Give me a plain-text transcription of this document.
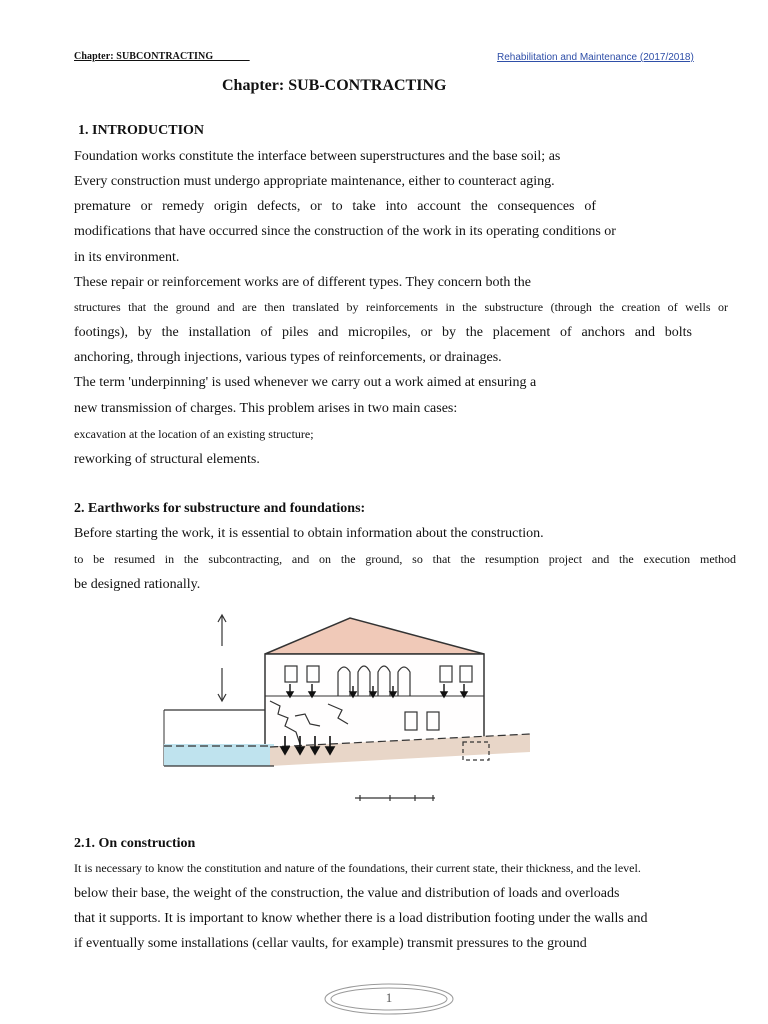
Chapter: SUBCONTRACTING	Rehabilitation and Maintenance (2017/2018)
Chapter: SUB-CONTRACTING
1. INTRODUCTION
Foundation works constitute the interface between superstructures and the base soil; as
Every construction must undergo appropriate maintenance, either to counteract aging.
premature or remedy origin defects, or to take into account the consequences of
modifications that have occurred since the construction of the work in its operating conditions or
in its environment.
These repair or reinforcement works are of different types. They concern both the
structures that the ground and are then translated by reinforcements in the substructure (through the creation of wells or
footings), by the installation of piles and micropiles, or by the placement of anchors and bolts
anchoring, through injections, various types of reinforcements, or drainages.
The term 'underpinning' is used whenever we carry out a work aimed at ensuring a
new transmission of charges. This problem arises in two main cases:
excavation at the location of an existing structure;
reworking of structural elements.
2. Earthworks for substructure and foundations:
Before starting the work, it is essential to obtain information about the construction.
to be resumed in the subcontracting, and on the ground, so that the resumption project and the execution method
be designed rationally.
2.1. On construction
It is necessary to know the constitution and nature of the foundations, their current state, their thickness, and the level.
below their base, the weight of the construction, the value and distribution of loads and overloads
that it supports. It is important to know whether there is a load distribution footing under the walls and
if eventually some installations (cellar vaults, for example) transmit pressures to the ground
1
